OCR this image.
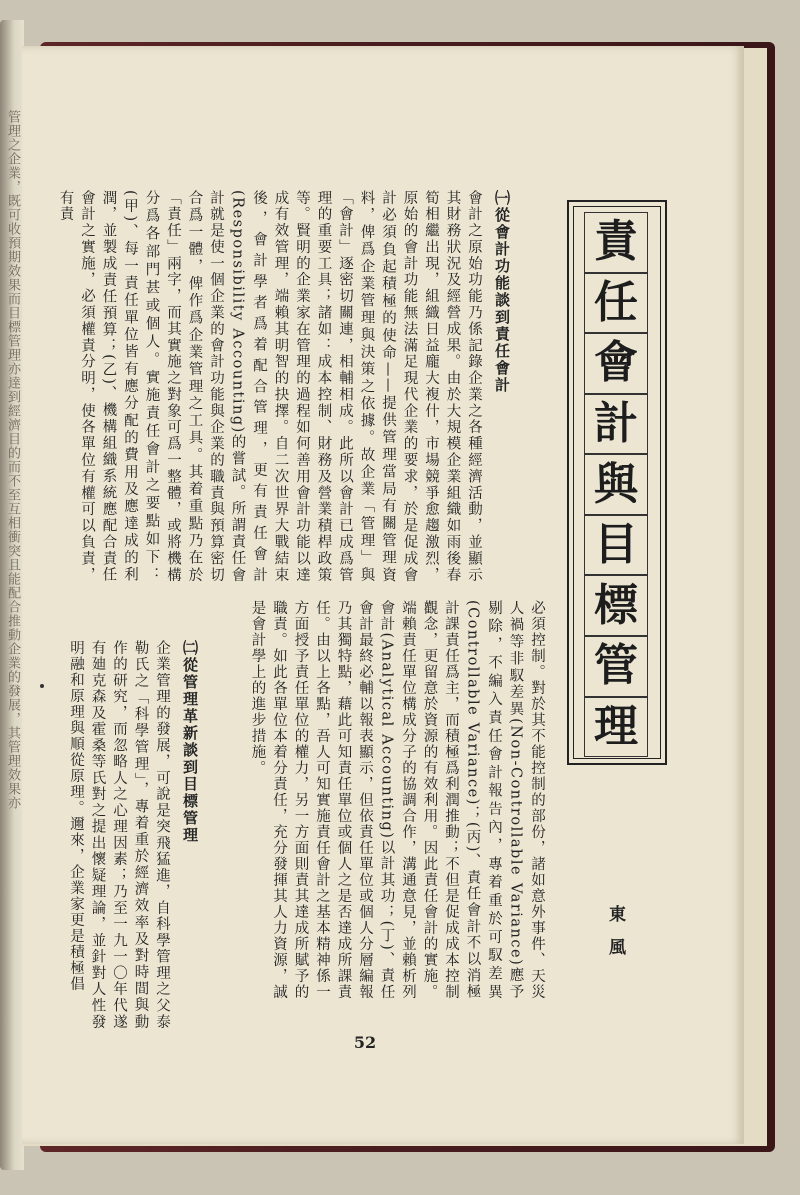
管理之企業，既可收預期效果而目標管理亦達到經濟目的而不至互相衝突且能配合推動企業的發展，其管理效果亦
㈠從會計功能談到責任會計
會計之原始功能乃係記錄企業之各種經濟活動，並顯示其財務狀況及經營成果。由於大規模企業組織如雨後春筍相繼出現，組織日益龐大複什，市場競爭愈趨激烈，原始的會計功能無法滿足現代企業的要求，於是促成會計必須負起積極的使命——提供管理當局有關管理資料，俾爲企業管理與決策之依據。故企業「管理」與「會計」逐密切關連，相輔相成。此所以會計已成爲管理的重要工具；諸如：成本控制、財務及營業積桿政策等。賢明的企業家在管理的過程如何善用會計功能以達成有效管理，端賴其明智的抉擇。自二次世界大戰結束後，會計學者爲着配合管理，更有責任會計(Responsibility Accounting)的嘗試。所謂責任會計就是使一個企業的會計功能與企業的職責與預算密切合爲一體，俾作爲企業管理之工具。其着重點乃在於「責任」兩字，而其實施之對象可爲一整體，或將機構分爲各部門甚或個人。實施責任會計之要點如下：(甲)、每一責任單位皆有應分配的費用及應達成的利潤，並製成責任預算；(乙)、機構組織系統應配合責任會計之實施，必須權責分明，使各單位有權可以負責，有責
必須控制。對於其不能控制的部份，諸如意外事件、天災人禍等非馭差異(Non-Controllable Variance)應予剔除，不編入責任會計報告內，專着重於可馭差異(Controllable Variance)；(丙)、責任會計不以消極計課責任爲主，而積極爲利潤推動；不但是促成成本控制觀念，更留意於資源的有效利用。因此責任會計的實施。端賴責任單位構成分子的協調合作，溝通意見，並賴析列會計(Analytical Accounting)以計其功；(丁)、責任會計最終必輔以報表顯示，但依責任單位或個人分層編報乃其獨特點，藉此可知責任單位或個人之是否達成所課責任。由以上各點，吾人可知實施責任會計之基本精神係一方面授予責任單位的權力，另一方面則責其達成所賦予的職責。如此各單位本着分責任，充分發揮其人力資源，誠是會計學上的進步措施。
㈡從管理革新談到目標管理
企業管理的發展，可說是突飛猛進，自科學管理之父泰勒氏之「科學管理」，專着重於經濟效率及對時間與動作的研究，而忽略人之心理因素；乃至一九一〇年代遂有廸克森及霍桑等氏對之提出懷疑理論，並針對人性發明融和原理與順從原理。邇來，企業家更是積極倡
責
任
會
計
與
目
標
管
理
東風
52
